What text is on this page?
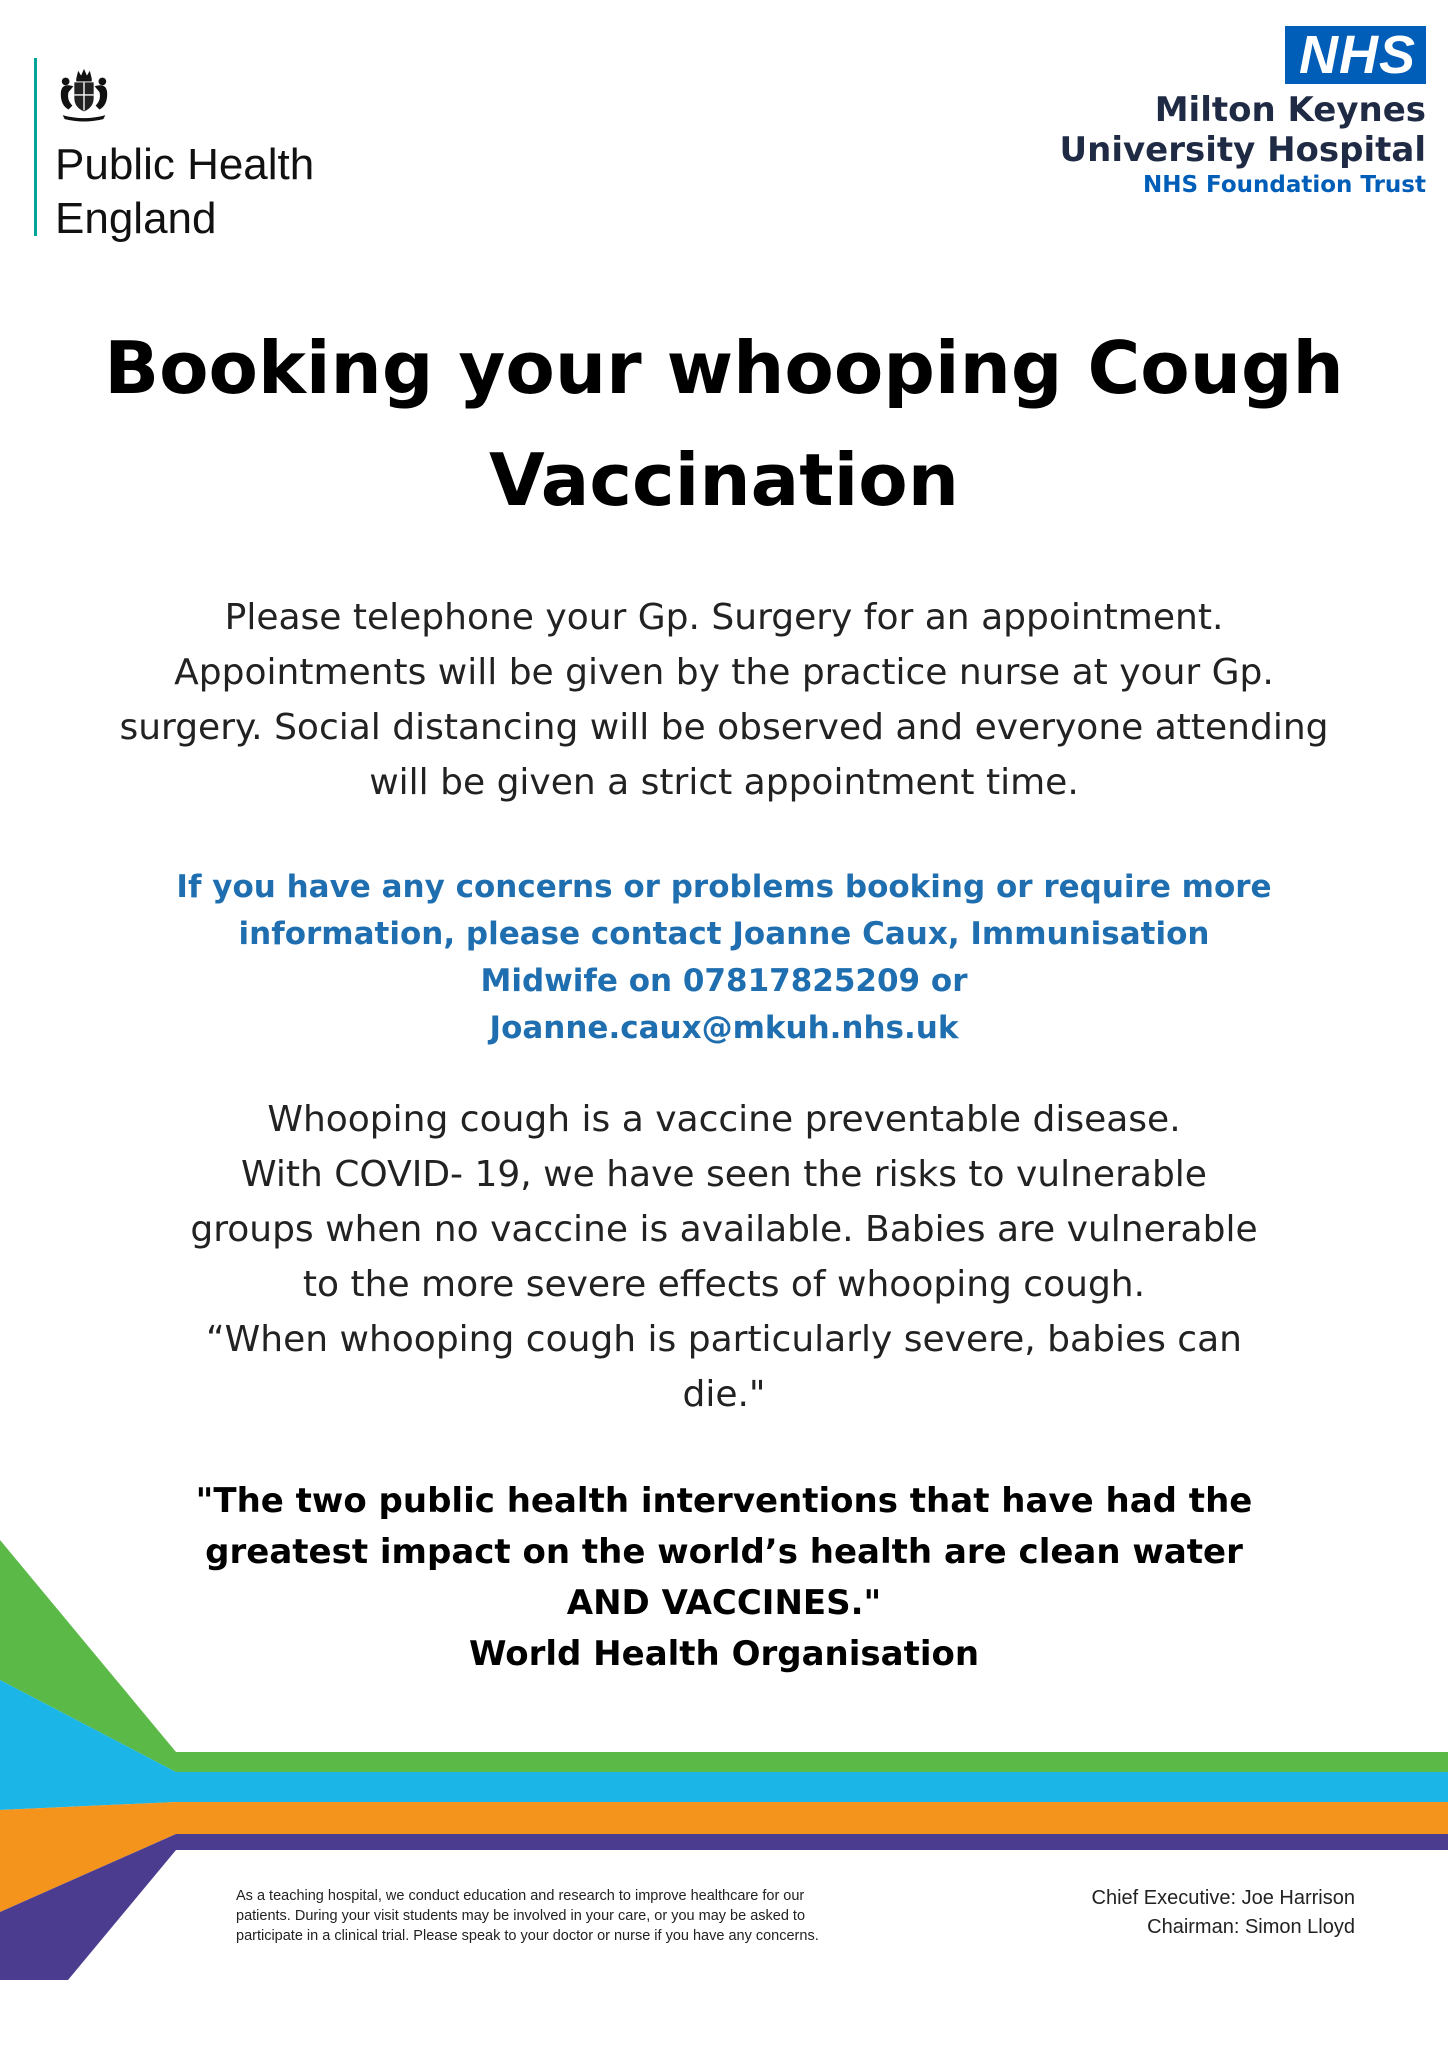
Public Health
England
NHS
Milton Keynes
University Hospital
NHS Foundation Trust
Booking your whooping Cough
Vaccination
Please telephone your Gp. Surgery for an appointment.
Appointments will be given by the practice nurse at your Gp.
surgery. Social distancing will be observed and everyone attending
will be given a strict appointment time.
If you have any concerns or problems booking or require more
information, please contact Joanne Caux, Immunisation
Midwife on 07817825209 or
Joanne.caux@mkuh.nhs.uk
Whooping cough is a vaccine preventable disease.
With COVID- 19, we have seen the risks to vulnerable
groups when no vaccine is available. Babies are vulnerable
to the more severe effects of whooping cough.
“When whooping cough is particularly severe, babies can
die."
"The two public health interventions that have had the
greatest impact on the world’s health are clean water
AND VACCINES."
World Health Organisation
As a teaching hospital, we conduct education and research to improve healthcare for our
patients. During your visit students may be involved in your care, or you may be asked to
participate in a clinical trial. Please speak to your doctor or nurse if you have any concerns.
Chief Executive: Joe Harrison
Chairman: Simon Lloyd
